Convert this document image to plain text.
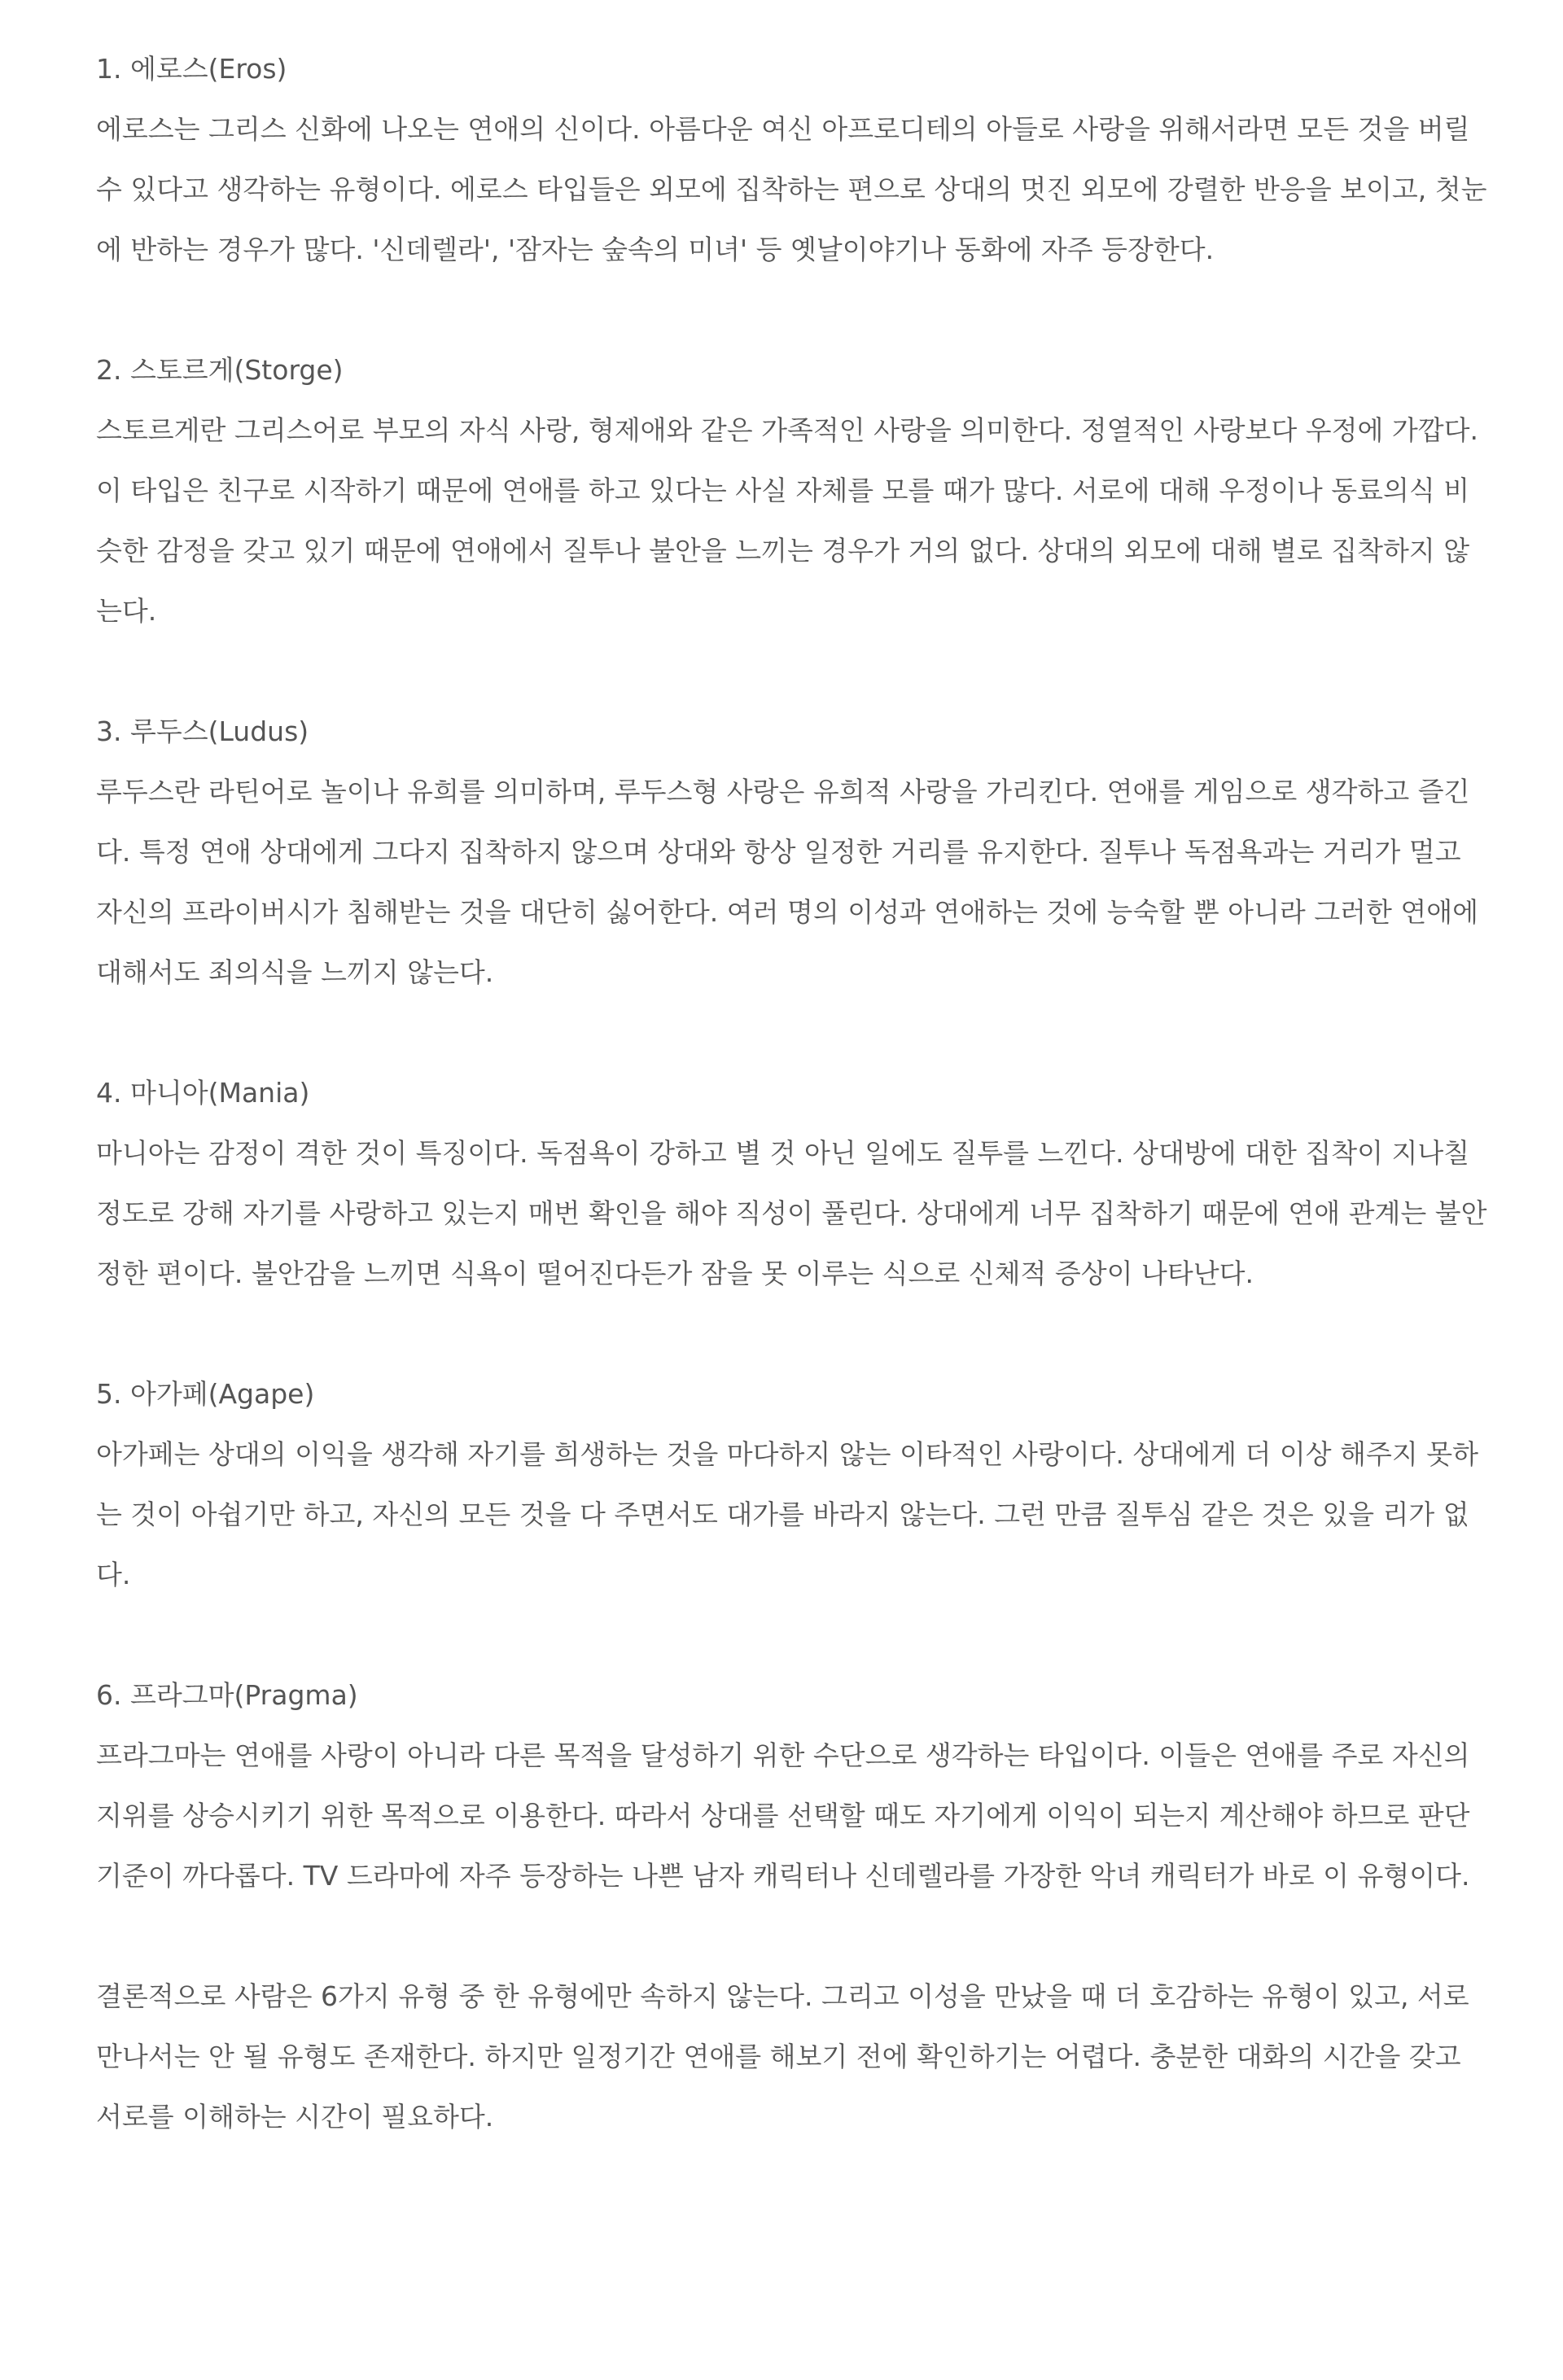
1. 에로스(Eros)

에로스는 그리스 신화에 나오는 연애의 신이다. 아름다운 여신 아프로디테의 아들로 사랑을 위해서라면 모든 것을 버릴 수 있다고 생각하는 유형이다. 에로스 타입들은 외모에 집착하는 편으로 상대의 멋진 외모에 강렬한 반응을 보이고, 첫눈에 반하는 경우가 많다. '신데렐라', '잠자는 숲속의 미녀' 등 옛날이야기나 동화에 자주 등장한다.

2. 스토르게(Storge)

스토르게란 그리스어로 부모의 자식 사랑, 형제애와 같은 가족적인 사랑을 의미한다. 정열적인 사랑보다 우정에 가깝다. 이 타입은 친구로 시작하기 때문에 연애를 하고 있다는 사실 자체를 모를 때가 많다. 서로에 대해 우정이나 동료의식 비슷한 감정을 갖고 있기 때문에 연애에서 질투나 불안을 느끼는 경우가 거의 없다. 상대의 외모에 대해 별로 집착하지 않는다.

3. 루두스(Ludus)

루두스란 라틴어로 놀이나 유희를 의미하며, 루두스형 사랑은 유희적 사랑을 가리킨다. 연애를 게임으로 생각하고 즐긴다. 특정 연애 상대에게 그다지 집착하지 않으며 상대와 항상 일정한 거리를 유지한다. 질투나 독점욕과는 거리가 멀고 자신의 프라이버시가 침해받는 것을 대단히 싫어한다. 여러 명의 이성과 연애하는 것에 능숙할 뿐 아니라 그러한 연애에 대해서도 죄의식을 느끼지 않는다.

4. 마니아(Mania)

마니아는 감정이 격한 것이 특징이다. 독점욕이 강하고 별 것 아닌 일에도 질투를 느낀다. 상대방에 대한 집착이 지나칠 정도로 강해 자기를 사랑하고 있는지 매번 확인을 해야 직성이 풀린다. 상대에게 너무 집착하기 때문에 연애 관계는 불안정한 편이다. 불안감을 느끼면 식욕이 떨어진다든가 잠을 못 이루는 식으로 신체적 증상이 나타난다.

5. 아가페(Agape)

아가페는 상대의 이익을 생각해 자기를 희생하는 것을 마다하지 않는 이타적인 사랑이다. 상대에게 더 이상 해주지 못하는 것이 아쉽기만 하고, 자신의 모든 것을 다 주면서도 대가를 바라지 않는다. 그런 만큼 질투심 같은 것은 있을 리가 없다.

6. 프라그마(Pragma)

프라그마는 연애를 사랑이 아니라 다른 목적을 달성하기 위한 수단으로 생각하는 타입이다. 이들은 연애를 주로 자신의 지위를 상승시키기 위한 목적으로 이용한다. 따라서 상대를 선택할 때도 자기에게 이익이 되는지 계산해야 하므로 판단 기준이 까다롭다. TV 드라마에 자주 등장하는 나쁜 남자 캐릭터나 신데렐라를 가장한 악녀 캐릭터가 바로 이 유형이다.

결론적으로 사람은 6가지 유형 중 한 유형에만 속하지 않는다. 그리고 이성을 만났을 때 더 호감하는 유형이 있고, 서로 만나서는 안 될 유형도 존재한다. 하지만 일정기간 연애를 해보기 전에 확인하기는 어렵다. 충분한 대화의 시간을 갖고 서로를 이해하는 시간이 필요하다.
